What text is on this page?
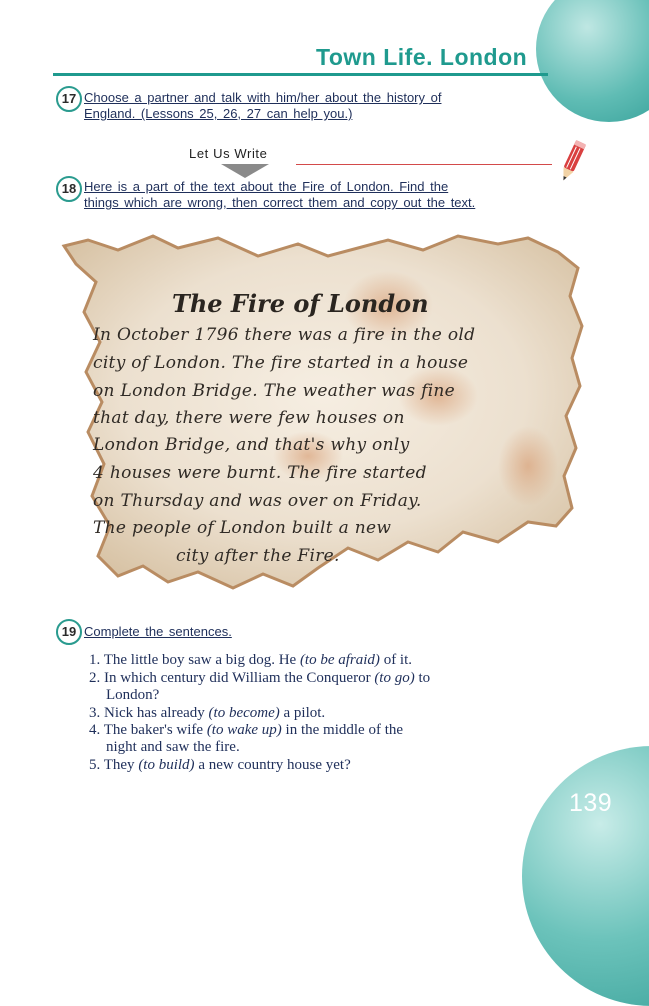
Town Life. London
17 Choose a partner and talk with him/her about the history of
England. (Lessons 25, 26, 27 can help you.)
Let Us Write
18 Here is a part of the text about the Fire of London. Find the
things which are wrong, then correct them and copy out the text.
The Fire of London
In October 1796 there was a fire in the old
city of London. The fire started in a house
on London Bridge. The weather was fine
that day, there were few houses on
London Bridge, and that's why only
4 houses were burnt. The fire started
on Thursday and was over on Friday.
The people of London built a new
city after the Fire.
19 Complete the sentences.
1. The little boy saw a big dog. He (to be afraid) of it.
2. In which century did William the Conqueror (to go) to
London?
3. Nick has already (to become) a pilot.
4. The baker's wife (to wake up) in the middle of the
night and saw the fire.
5. They (to build) a new country house yet?
139
